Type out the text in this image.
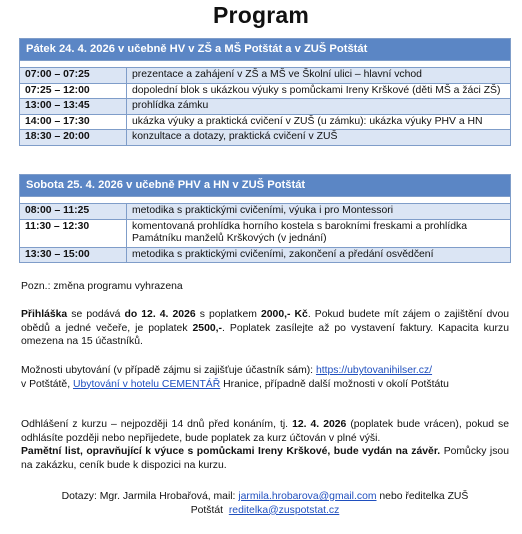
Program
Pátek 24. 4. 2026 v učebně HV v ZŠ a MŠ Potštát a v ZUŠ Potštát
07:00 – 07:25	prezentace a zahájení v ZŠ a MŠ ve Školní ulici – hlavní vchod
07:25 – 12:00	dopolední blok s ukázkou výuky s pomůckami Ireny Krškové (děti MŠ a žáci ZŠ)
13:00 – 13:45	prohlídka zámku
14:00 – 17:30	ukázka výuky a praktická cvičení v ZUŠ (u zámku): ukázka výuky PHV a HN
18:30 – 20:00	konzultace a dotazy, praktická cvičení v ZUŠ
Sobota 25. 4. 2026 v učebně PHV a HN v ZUŠ Potštát
08:00 – 11:25	metodika s praktickými cvičeními, výuka i pro Montessori
11:30 – 12:30	komentovaná prohlídka horního kostela s barokními freskami a prohlídka Památníku manželů Krškových (v jednání)
13:30 – 15:00	metodika s praktickými cvičeními, zakončení a předání osvědčení
Pozn.: změna programu vyhrazena
Přihláška se podává do 12. 4. 2026 s poplatkem 2000,- Kč. Pokud budete mít zájem o zajištění dvou obědů a jedné večeře, je poplatek 2500,-. Poplatek zasílejte až po vystavení faktury. Kapacita kurzu omezena na 15 účastníků.
Možnosti ubytování (v případě zájmu si zajišťuje účastník sám): https://ubytovanihilser.cz/
v Potštátě, Ubytování v hotelu CEMENTÁŘ Hranice, případně další možnosti v okolí Potštátu
Odhlášení z kurzu – nejpozději 14 dnů před konáním, tj. 12. 4. 2026 (poplatek bude vrácen), pokud se odhlásíte později nebo nepřijedete, bude poplatek za kurz účtován v plné výši.
Pamětní list, opravňující k výuce s pomůckami Ireny Krškové, bude vydán na závěr. Pomůcky jsou na zakázku, ceník bude k dispozici na kurzu.
Dotazy: Mgr. Jarmila Hrobařová, mail: jarmila.hrobarova@gmail.com nebo ředitelka ZUŠ
Potštát  reditelka@zuspotstat.cz
